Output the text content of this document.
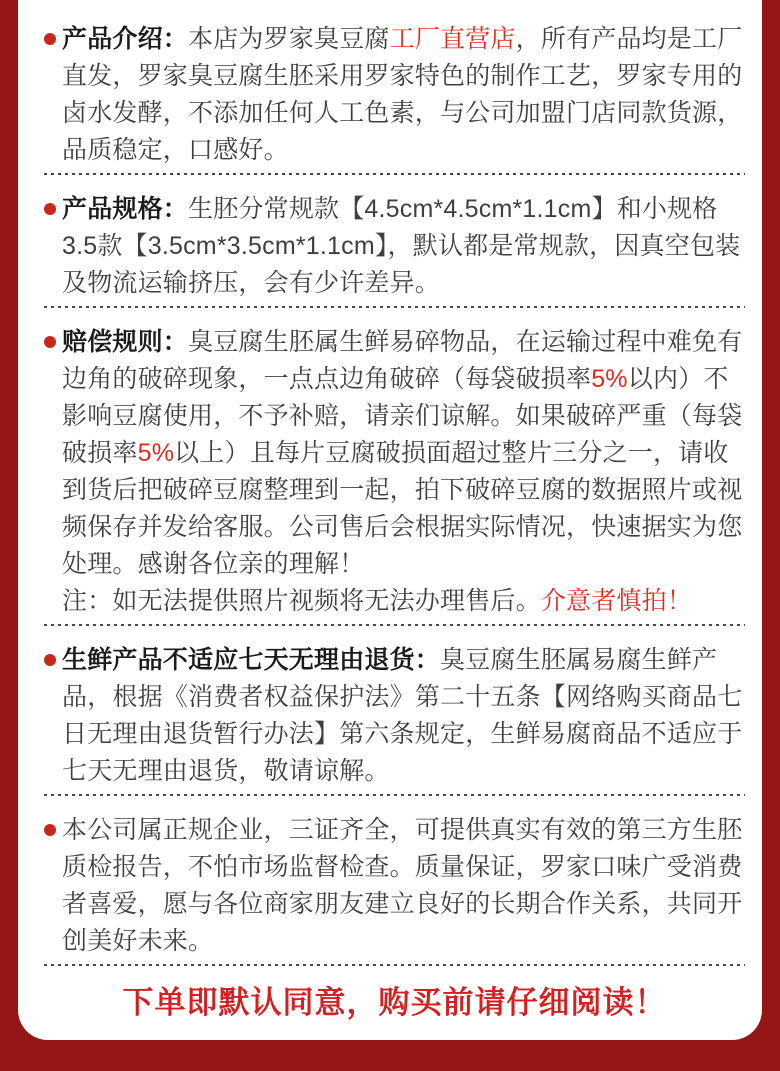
产品介绍：本店为罗家臭豆腐工厂直营店，所有产品均是工厂直发，罗家臭豆腐生胚采用罗家特色的制作工艺，罗家专用的卤水发酵，不添加任何人工色素，与公司加盟门店同款货源，品质稳定，口感好。

产品规格：生胚分常规款【4.5cm*4.5cm*1.1cm】和小规格3.5款【3.5cm*3.5cm*1.1cm】，默认都是常规款，因真空包装及物流运输挤压，会有少许差异。

赔偿规则：臭豆腐生胚属生鲜易碎物品，在运输过程中难免有边角的破碎现象，一点点边角破碎（每袋破损率5%以内）不影响豆腐使用，不予补赔，请亲们谅解。如果破碎严重（每袋破损率5%以上）且每片豆腐破损面超过整片三分之一，请收到货后把破碎豆腐整理到一起，拍下破碎豆腐的数据照片或视频保存并发给客服。公司售后会根据实际情况，快速据实为您处理。感谢各位亲的理解！
注：如无法提供照片视频将无法办理售后。介意者慎拍！

生鲜产品不适应七天无理由退货：臭豆腐生胚属易腐生鲜产品，根据《消费者权益保护法》第二十五条【网络购买商品七日无理由退货暂行办法】第六条规定，生鲜易腐商品不适应于七天无理由退货，敬请谅解。

本公司属正规企业，三证齐全，可提供真实有效的第三方生胚质检报告，不怕市场监督检查。质量保证，罗家口味广受消费者喜爱，愿与各位商家朋友建立良好的长期合作关系，共同开创美好未来。

下单即默认同意，购买前请仔细阅读！
